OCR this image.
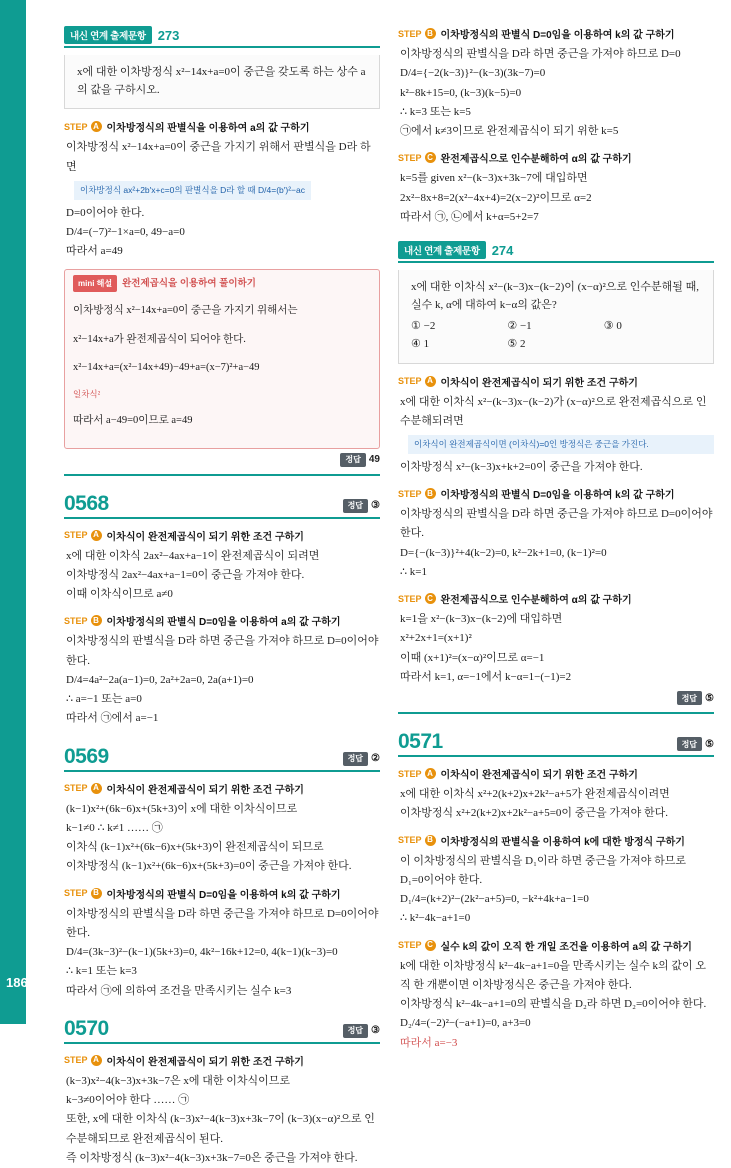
186
내신 연계 출제문항 273
x에 대한 이차방정식 x²−14x+a=0이 중근을 갖도록 하는 상수 a의 값을 구하시오.
STEP A 이차방정식의 판별식을 이용하여 a의 값 구하기

이차방정식 x²−14x+a=0이 중근을 가지기 위해서 판별식을 D라 하면

이차방정식 ax²+2b′x+c=0의 판별식을 D라 할 때 D/4=(b′)²−ac

D=0이어야 한다.

D/4=(−7)²−1×a=0, 49−a=0

따라서 a=49

mini 해설	완전제곱식을 이용하여 풀이하기

이차방정식 x²−14x+a=0이 중근을 가지기 위해서는

x²−14x+a가 완전제곱식이 되어야 한다.

x²−14x+a=(x²−14x+49)−49+a=(x−7)²+a−49

일차식²

따라서 a−49=0이므로 a=49

정답 49
0568	정답 ③
STEP A 이차식이 완전제곱식이 되기 위한 조건 구하기

x에 대한 이차식 2ax²−4ax+a−1이 완전제곱식이 되려면

이차방정식 2ax²−4ax+a−1=0이 중근을 가져야 한다.

이때 이차식이므로 a≠0

STEP B 이차방정식의 판별식 D=0임을 이용하여 a의 값 구하기

이차방정식의 판별식을 D라 하면 중근을 가져야 하므로 D=0이어야 한다.

D/4=4a²−2a(a−1)=0, 2a²+2a=0, 2a(a+1)=0

∴ a=−1 또는 a=0

따라서 ㉠에서 a=−1

0569	정답 ②
STEP A 이차식이 완전제곱식이 되기 위한 조건 구하기

(k−1)x²+(6k−6)x+(5k+3)이 x에 대한 이차식이므로

k−1≠0 ∴ k≠1 …… ㉠

이차식 (k−1)x²+(6k−6)x+(5k+3)이 완전제곱식이 되므로

이차방정식 (k−1)x²+(6k−6)x+(5k+3)=0이 중근을 가져야 한다.

STEP B 이차방정식의 판별식 D=0임을 이용하여 k의 값 구하기

이차방정식의 판별식을 D라 하면 중근을 가져야 하므로 D=0이어야 한다.

D/4=(3k−3)²−(k−1)(5k+3)=0, 4k²−16k+12=0, 4(k−1)(k−3)=0

∴ k=1 또는 k=3

따라서 ㉠에 의하여 조건을 만족시키는 실수 k=3

0570	정답 ③
STEP A 이차식이 완전제곱식이 되기 위한 조건 구하기

(k−3)x²−4(k−3)x+3k−7은 x에 대한 이차식이므로

k−3≠0이어야 한다 …… ㉠

또한, x에 대한 이차식 (k−3)x²−4(k−3)x+3k−7이 (k−3)(x−α)²으로 인수분해되므로 완전제곱식이 된다.

즉 이차방정식 (k−3)x²−4(k−3)x+3k−7=0은 중근을 가져야 한다.

STEP B 이차방정식의 판별식 D=0임을 이용하여 k의 값 구하기

이차방정식의 판별식을 D라 하면 중근을 가져야 하므로 D=0

D/4={−2(k−3)}²−(k−3)(3k−7)=0

k²−8k+15=0, (k−3)(k−5)=0

∴ k=3 또는 k=5

㉠에서 k≠3이므로 완전제곱식이 되기 위한 k=5

STEP C 완전제곱식으로 인수분해하여 α의 값 구하기

k=5를 given x²−(k−3)x+3k−7에 대입하면

2x²−8x+8=2(x²−4x+4)=2(x−2)²이므로 α=2

따라서 ㉠, ㉡에서 k+α=5+2=7

내신 연계 출제문항 274
x에 대한 이차식 x²−(k−3)x−(k−2)이 (x−α)²으로 인수분해될 때, 실수 k, α에 대하여 k−α의 값은?
① −2	② −1	③ 0
④ 1	⑤ 2
STEP A 이차식이 완전제곱식이 되기 위한 조건 구하기

x에 대한 이차식 x²−(k−3)x−(k−2)가 (x−α)²으로 완전제곱식으로 인수분해되려면

이차식이 완전제곱식이면 (이차식)=0인 방정식은 중근을 가진다.

이차방정식 x²−(k−3)x+k+2=0이 중근을 가져야 한다.

STEP B 이차방정식의 판별식 D=0임을 이용하여 k의 값 구하기

이차방정식의 판별식을 D라 하면 중근을 가져야 하므로 D=0이어야 한다.

D={−(k−3)}²+4(k−2)=0, k²−2k+1=0, (k−1)²=0

∴ k=1

STEP C 완전제곱식으로 인수분해하여 α의 값 구하기

k=1을 x²−(k−3)x−(k−2)에 대입하면

x²+2x+1=(x+1)²

이때 (x+1)²=(x−α)²이므로 α=−1

따라서 k=1, α=−1에서 k−α=1−(−1)=2

정답 ⑤
0571	정답 ⑤
STEP A 이차식이 완전제곱식이 되기 위한 조건 구하기

x에 대한 이차식 x²+2(k+2)x+2k²−a+5가 완전제곱식이려면

이차방정식 x²+2(k+2)x+2k²−a+5=0이 중근을 가져야 한다.

STEP B 이차방정식의 판별식을 이용하여 k에 대한 방정식 구하기

이 이차방정식의 판별식을 D₁이라 하면 중근을 가져야 하므로

D₁=0이어야 한다.

D₁/4=(k+2)²−(2k²−a+5)=0, −k²+4k+a−1=0

∴ k²−4k−a+1=0

STEP C 실수 k의 값이 오직 한 개일 조건을 이용하여 a의 값 구하기

k에 대한 이차방정식 k²−4k−a+1=0을 만족시키는 실수 k의 값이 오직 한 개뿐이면 이차방정식은 중근을 가져야 한다.

이차방정식 k²−4k−a+1=0의 판별식을 D₂라 하면 D₂=0이어야 한다.

D₂/4=(−2)²−(−a+1)=0, a+3=0

따라서 a=−3
